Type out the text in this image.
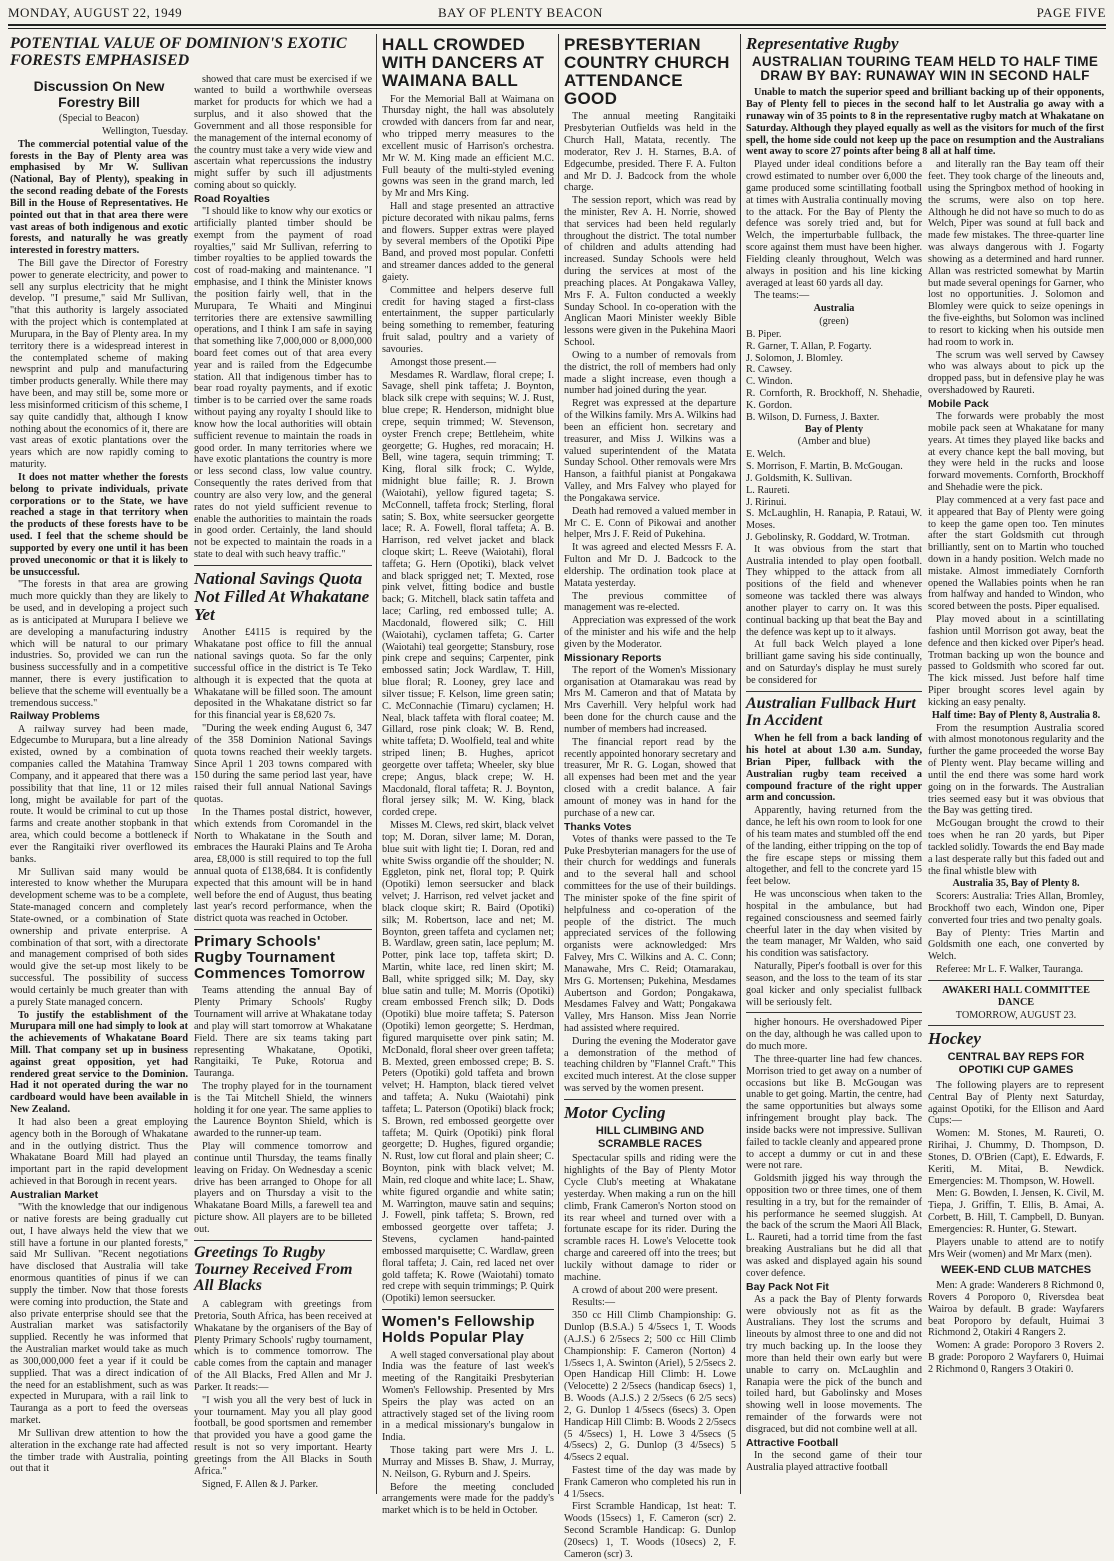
MONDAY, AUGUST 22, 1949	BAY OF PLENTY BEACON	PAGE FIVE
POTENTIAL VALUE OF DOMINION'S EXOTIC FORESTS EMPHASISED
Discussion On New Forestry Bill

(Special to Beacon)

Wellington, Tuesday.

The commercial potential value of the forests in the Bay of Plenty area was emphasised by Mr W. Sullivan (National, Bay of Plenty), speaking in the second reading debate of the Forests Bill in the House of Representatives. He pointed out that in that area there were vast areas of both indigenous and exotic forests, and naturally he was greatly interested in forestry matters.

The Bill gave the Director of Forestry power to generate electricity, and power to sell any surplus electricity that he might develop. "I presume," said Mr Sullivan, "that this authority is largely associated with the project which is contemplated at Murupara, in the Bay of Plenty area. In my territory there is a widespread interest in the contemplated scheme of making newsprint and pulp and manufacturing timber products generally. While there may have been, and may still be, some more or less misinformed criticism of this scheme, I say quite candidly that, although I know nothing about the economics of it, there are vast areas of exotic plantations over the years which are now rapidly coming to maturity.

It does not matter whether the forests belong to private individuals, private corporations or to the State, we have reached a stage in that territory when the products of these forests have to be used. I feel that the scheme should be supported by every one until it has been proved uneconomic or that it is likely to be unsuccessful.

"The forests in that area are growing much more quickly than they are likely to be used, and in developing a project such as is anticipated at Murupara I believe we are developing a manufacturing industry which will be natural to our primary industries. So, provided we can run the business successfully and in a competitive manner, there is every justification to believe that the scheme will eventually be a tremendous success."

Railway Problems

A railway survey had been made, Edgecumbe to Murupara, but a line already existed, owned by a combination of companies called the Matahina Tramway Company, and it appeared that there was a possibility that that line, 11 or 12 miles long, might be available for part of the route. It would be criminal to cut up those farms and create another stopbank in that area, which could become a bottleneck if ever the Rangitaiki river overflowed its banks.

Mr Sullivan said many would be interested to know whether the Murupara development scheme was to be a complete, State-managed concern and completely State-owned, or a combination of State ownership and private enterprise. A combination of that sort, with a directorate and management comprised of both sides would give the set-up most likely to be successful. The possibility of success would certainly be much greater than with a purely State managed concern.

To justify the establishment of the Murupara mill one had simply to look at the achievements of Whakatane Board Mill. That company set up in business against great opposition, yet had rendered great service to the Dominion. Had it not operated during the war no cardboard would have been available in New Zealand.

It had also been a great employing agency both in the Borough of Whakatane and in the outlying district. Thus the Whakatane Board Mill had played an important part in the rapid development achieved in that Borough in recent years.

Australian Market

"With the knowledge that our indigenous or native forests are being gradually cut out, I have always held the view that we still have a fortune in our planted forests," said Mr Sullivan. "Recent negotiations have disclosed that Australia will take enormous quantities of pinus if we can supply the timber. Now that those forests were coming into production, the State and also private enterprise should see that the Australian market was satisfactorily supplied. Recently he was informed that the Australian market would take as much as 300,000,000 feet a year if it could be supplied. That was a direct indication of the need for an establishment, such as was expected in Murupara, with a rail link to Tauranga as a port to feed the overseas market.

Mr Sullivan drew attention to how the alteration in the exchange rate had affected the timber trade with Australia, pointing out that it

showed that care must be exercised if we wanted to build a worthwhile overseas market for products for which we had a surplus, and it also showed that the Government and all those responsible for the management of the internal economy of the country must take a very wide view and ascertain what repercussions the industry might suffer by such ill adjustments coming about so quickly.

Road Royalties

"I should like to know why our exotics or artificially planted timber should be exempt from the payment of road royalties," said Mr Sullivan, referring to timber royalties to be applied towards the cost of road-making and maintenance. "I emphasise, and I think the Minister knows the position fairly well, that in the Murupara, Te Whaiti and Minginui territories there are extensive sawmilling operations, and I think I am safe in saying that something like 7,000,000 or 8,000,000 board feet comes out of that area every year and is railed from the Edgecumbe station. All that indigenous timber has to bear road royalty payments, and if exotic timber is to be carried over the same roads without paying any royalty I should like to know how the local authorities will obtain sufficient revenue to maintain the roads in good order. In many territories where we have exotic plantations the country is more or less second class, low value country. Consequently the rates derived from that country are also very low, and the general rates do not yield sufficient revenue to enable the authorities to maintain the roads in good order. Certainly, the land should not be expected to maintain the roads in a state to deal with such heavy traffic."

National Savings Quota Not Filled At Whakatane Yet

Another £4115 is required by the Whakatane post office to fill the annual national savings quota. So far the only successful office in the district is Te Teko although it is expected that the quota at Whakatane will be filled soon. The amount deposited in the Whakatane district so far for this financial year is £8,620 7s.

"During the week ending August 6, 347 of the 358 Dominion National Savings quota towns reached their weekly targets. Since April 1 203 towns compared with 150 during the same period last year, have raised their full annual National Savings quotas.

In the Thames postal district, however, which extends from Coromandel in the North to Whakatane in the South and embraces the Hauraki Plains and Te Aroha area, £8,000 is still required to top the full annual quota of £138,684. It is confidently expected that this amount will be in hand well before the end of August, thus beating last year's record performance, when the district quota was reached in October.

Primary Schools' Rugby Tournament Commences Tomorrow

Teams attending the annual Bay of Plenty Primary Schools' Rugby Tournament will arrive at Whakatane today and play will start tomorrow at Whakatane Field. There are six teams taking part representing Whakatane, Opotiki, Rangitaiki, Te Puke, Rotorua and Tauranga.

The trophy played for in the tournament is the Tai Mitchell Shield, the winners holding it for one year. The same applies to the Laurence Boynton Shield, which is awarded to the runner-up team.

Play will commence tomorrow and continue until Thursday, the teams finally leaving on Friday. On Wednesday a scenic drive has been arranged to Ohope for all players and on Thursday a visit to the Whakatane Board Mills, a farewell tea and picture show. All players are to be billeted out.

Greetings To Rugby Tourney Received From All Blacks

A cablegram with greetings from Pretoria, South Africa, has been received at Whakatane by the organisers of the Bay of Plenty Primary Schools' rugby tournament, which is to commence tomorrow. The cable comes from the captain and manager of the All Blacks, Fred Allen and Mr J. Parker. It reads:—

"I wish you all the very best of luck in your tournament. May you all play good football, be good sportsmen and remember that provided you have a good game the result is not so very important. Hearty greetings from the All Blacks in South Africa."

Signed, F. Allen & J. Parker.

HALL CROWDED WITH DANCERS AT WAIMANA BALL

For the Memorial Ball at Waimana on Thursday night, the hall was absolutely crowded with dancers from far and near, who tripped merry measures to the excellent music of Harrison's orchestra. Mr W. M. King made an efficient M.C. Full beauty of the multi-styled evening gowns was seen in the grand march, led by Mr and Mrs King.

Hall and stage presented an attractive picture decorated with nikau palms, ferns and flowers. Supper extras were played by several members of the Opotiki Pipe Band, and proved most popular. Confetti and streamer dances added to the general gaiety.

Committee and helpers deserve full credit for having staged a first-class entertainment, the supper particularly being something to remember, featuring fruit salad, poultry and a variety of savouries.

Amongst those present.—

Mesdames R. Wardlaw, floral crepe; I. Savage, shell pink taffeta; J. Boynton, black silk crepe with sequins; W. J. Rust, blue crepe; R. Henderson, midnight blue crepe, sequin trimmed; W. Stevenson, oyster French crepe; Bettleheim, white georgette; G. Hughes, red moracain; H. Bell, wine tagera, sequin trimming; T. King, floral silk frock; C. Wylde, midnight blue faille; R. J. Brown (Waiotahi), yellow figured tageta; S. McConnell, taffeta frock; Sterling, floral satin; S. Box, white seersucker georgette lace; R. A. Fowell, floral taffeta; A. B. Harrison, red velvet jacket and black cloque skirt; L. Reeve (Waiotahi), floral taffeta; G. Hern (Opotiki), black velvet and black sprigged net; T. Mexted, rose pink velvet, fitting bodice and bustle back; G. Mitchell, black satin taffeta and lace; Carling, red embossed tulle; A. Macdonald, flowered silk; C. Hill (Waiotahi), cyclamen taffeta; G. Carter (Waiotahi) teal georgette; Stansbury, rose pink crepe and sequins; Carpenter, pink embossed satin; Jock Wardlaw, T. Hill, blue floral; R. Looney, grey lace and silver tissue; F. Kelson, lime green satin; C. McConnachie (Timaru) cyclamen; H. Neal, black taffeta with floral coatee; M. Gillard, rose pink cloak; W. B. Rend, white taffeta; D. Woolfield, teal and white striped linen; B. Hughes, apricot georgette over taffeta; Wheeler, sky blue crepe; Angus, black crepe; W. H. Macdonald, floral taffeta; R. J. Boynton, floral jersey silk; M. W. King, black corded crepe.

Misses M. Clews, red skirt, black velvet top; M. Doran, silver lame; M. Doran, blue suit with light tie; I. Doran, red and white Swiss organdie off the shoulder; N. Eggleton, pink net, floral top; P. Quirk (Opotiki) lemon seersucker and black velvet; J. Harrison, red velvet jacket and black cloque skirt; R. Baird (Opotiki) silk; M. Robertson, lace and net; M. Boynton, green taffeta and cyclamen net; B. Wardlaw, green satin, lace peplum; M. Potter, pink lace top, taffeta skirt; D. Martin, white lace, red linen skirt; M. Ball, white sprigged silk; M. Day, sky blue satin and tulle; M. Morris (Opotiki) cream embossed French silk; D. Dods (Opotiki) blue moire taffeta; S. Paterson (Opotiki) lemon georgette; S. Herdman, figured marquisette over pink satin; M. McDonald, floral sheer over green taffeta; B. Mexted, green embossed crepe; B. S. Peters (Opotiki) gold taffeta and brown velvet; H. Hampton, black tiered velvet and taffeta; A. Nuku (Waiotahi) pink taffeta; L. Paterson (Opotiki) black frock; S. Brown, red embossed georgette over taffeta; M. Quirk (Opotiki) pink floral georgette; D. Hughes, figured organdie; N. Rust, low cut floral and plain sheer; C. Boynton, pink with black velvet; M. Main, red cloque and white lace; L. Shaw, white figured organdie and white satin; M. Warrington, mauve satin and sequins; J. Fowell, pink taffeta; S. Brown, red embossed georgette over taffeta; J. Stevens, cyclamen hand-painted embossed marquisette; C. Wardlaw, green floral taffeta; J. Cain, red laced net over gold taffeta; K. Rowe (Waiotahi) tomato red crepe with sequin trimmings; P. Quirk (Opotiki) lemon seersucker.

Women's Fellowship Holds Popular Play

A well staged conversational play about India was the feature of last week's meeting of the Rangitaiki Presbyterian Women's Fellowship. Presented by Mrs Speirs the play was acted on an attractively staged set of the living room in a medical missionary's bungalow in India.

Those taking part were Mrs J. L. Murray and Misses B. Shaw, J. Murray, N. Neilson, G. Ryburn and J. Speirs.

Before the meeting concluded arrangements were made for the paddy's market which is to be held in October.

PRESBYTERIAN COUNTRY CHURCH ATTENDANCE GOOD

The annual meeting Rangitaiki Presbyterian Outfields was held in the Church Hall, Matata, recently. The moderator, Rev J. H. Starnes, B.A. of Edgecumbe, presided. There F. A. Fulton and Mr D. J. Badcock from the whole charge.

The session report, which was read by the minister, Rev A. H. Norrie, showed that services had been held regularly throughout the district. The total number of children and adults attending had increased. Sunday Schools were held during the services at most of the preaching places. At Pongakawa Valley, Mrs F. A. Fulton conducted a weekly Sunday School. In co-operation with the Anglican Maori Minister weekly Bible lessons were given in the Pukehina Maori School.

Owing to a number of removals from the district, the roll of members had only made a slight increase, even though a number had joined during the year.

Regret was expressed at the departure of the Wilkins family. Mrs A. Wilkins had been an efficient hon. secretary and treasurer, and Miss J. Wilkins was a valued superintendent of the Matata Sunday School. Other removals were Mrs Hanson, a faithful pianist at Pongakawa Valley, and Mrs Falvey who played for the Pongakawa service.

Death had removed a valued member in Mr C. E. Conn of Pikowai and another helper, Mrs J. F. Reid of Pukehina.

It was agreed and elected Messrs F. A. Fulton and Mr D. J. Badcock to the eldership. The ordination took place at Matata yesterday.

The previous committee of management was re-elected.

Appreciation was expressed of the work of the minister and his wife and the help given by the Moderator.

Missionary Reports

The report of the Women's Missionary organisation at Otamarakau was read by Mrs M. Cameron and that of Matata by Mrs Caverhill. Very helpful work had been done for the church cause and the number of members had increased.

The financial report read by the recently appointed honorary secretary and treasurer, Mr R. G. Logan, showed that all expenses had been met and the year closed with a credit balance. A fair amount of money was in hand for the purchase of a new car.

Thanks Votes

Votes of thanks were passed to the Te Puke Presbyterian managers for the use of their church for weddings and funerals and to the several hall and school committees for the use of their buildings. The minister spoke of the fine spirit of helpfulness and co-operation of the people of the district. The much appreciated services of the following organists were acknowledged: Mrs Falvey, Mrs C. Wilkins and A. C. Conn; Manawahe, Mrs C. Reid; Otamarakau, Mrs G. Mortensen; Pukehina, Mesdames Aubertson and Gordon; Pongakawa, Mesdames Falvey and Watt; Pongakawa Valley, Mrs Hanson. Miss Jean Norrie had assisted where required.

During the evening the Moderator gave a demonstration of the method of teaching children by "Flannel Craft." This excited much interest. At the close supper was served by the women present.

Motor Cycling
HILL CLIMBING AND SCRAMBLE RACES

Spectacular spills and riding were the highlights of the Bay of Plenty Motor Cycle Club's meeting at Whakatane yesterday. When making a run on the hill climb, Frank Cameron's Norton stood on its rear wheel and turned over with a fortunate escape for its rider. During the scramble races H. Lowe's Velocette took charge and careered off into the trees; but luckily without damage to rider or machine.

A crowd of about 200 were present.

Results:—

350 cc Hill Climb Championship: G. Dunlop (B.S.A.) 5 4/5secs 1, T. Woods (A.J.S.) 6 2/5secs 2; 500 cc Hill Climb Championship: F. Cameron (Norton) 4 1/5secs 1, A. Swinton (Ariel), 5 2/5secs 2. Open Handicap Hill Climb: H. Lowe (Velocette) 2 2/5secs (handicap 6secs) 1, B. Woods (A.J.S.) 2 2/5secs (6 2/5 secs) 2, G. Dunlop 1 4/5secs (6secs) 3. Open Handicap Hill Climb: B. Woods 2 2/5secs (5 4/5secs) 1, H. Lowe 3 4/5secs (5 4/5secs) 2, G. Dunlop (3 4/5secs) 5 4/5secs 2 equal.

Fastest time of the day was made by Frank Cameron who completed his run in 4 1/5secs.

First Scramble Handicap, 1st heat: T. Woods (15secs) 1, F. Cameron (scr) 2. Second Scramble Handicap: G. Dunlop (20secs) 1, T. Woods (10secs) 2, F. Cameron (scr) 3.

Representative Rugby
AUSTRALIAN TOURING TEAM HELD TO HALF TIME DRAW BY BAY: RUNAWAY WIN IN SECOND HALF

Unable to match the superior speed and brilliant backing up of their opponents, Bay of Plenty fell to pieces in the second half to let Australia go away with a runaway win of 35 points to 8 in the representative rugby match at Whakatane on Saturday. Although they played equally as well as the visitors for much of the first spell, the home side could not keep up the pace on resumption and the Australians went away to score 27 points after being 8 all at half time.

Played under ideal conditions before a crowd estimated to number over 6,000 the game produced some scintillating football at times with Australia continually moving to the attack. For the Bay of Plenty the defence was sorely tried and, but for Welch, the imperturbable fullback, the score against them must have been higher. Fielding cleanly throughout, Welch was always in position and his line kicking averaged at least 60 yards all day.

The teams:—

Australia

(green)

B. Piper.

R. Garner, T. Allan, P. Fogarty.

J. Solomon, J. Blomley.

R. Cawsey.

C. Windon.

R. Cornforth, R. Brockhoff, N. Shehadie, K. Gordon.

B. Wilson, D. Furness, J. Baxter.

Bay of Plenty

(Amber and blue)

E. Welch.

S. Morrison, F. Martin, B. McGougan.

J. Goldsmith, K. Sullivan.

L. Raureti.

J. Ririnui.

S. McLaughlin, H. Ranapia, P. Rataui, W. Moses.

J. Gebolinsky, R. Goddard, W. Trotman.

It was obvious from the start that Australia intended to play open football. They whipped to the attack from all positions of the field and whenever someone was tackled there was always another player to carry on. It was this continual backing up that beat the Bay and the defence was kept up to it always.

At full back Welch played a lone brilliant game saving his side continually, and on Saturday's display he must surely be considered for

Australian Fullback Hurt In Accident

When he fell from a back landing of his hotel at about 1.30 a.m. Sunday, Brian Piper, fullback with the Australian rugby team received a compound fracture of the right upper arm and concussion.

Apparently, having returned from the dance, he left his own room to look for one of his team mates and stumbled off the end of the landing, either tripping on the top of the fire escape steps or missing them altogether, and fell to the concrete yard 15 feet below.

He was unconscious when taken to the hospital in the ambulance, but had regained consciousness and seemed fairly cheerful later in the day when visited by the team manager, Mr Walden, who said his condition was satisfactory.

Naturally, Piper's football is over for this season, and the loss to the team of its star goal kicker and only specialist fullback will be seriously felt.

higher honours. He overshadowed Piper on the day, although he was called upon to do much more.

The three-quarter line had few chances. Morrison tried to get away on a number of occasions but like B. McGougan was unable to get going. Martin, the centre, had the same opportunities but always some infringement brought play back. The inside backs were not impressive. Sullivan failed to tackle cleanly and appeared prone to accept a dummy or cut in and these were not rare.

Goldsmith jigged his way through the opposition two or three times, one of them resulting in a try, but for the remainder of his performance he seemed sluggish. At the back of the scrum the Maori All Black, L. Raureti, had a torrid time from the fast breaking Australians but he did all that was asked and displayed again his sound cover defence.

Bay Pack Not Fit

As a pack the Bay of Plenty forwards were obviously not as fit as the Australians. They lost the scrums and lineouts by almost three to one and did not try much backing up. In the loose they more than held their own early but were unable to carry on. McLaughlin and Ranapia were the pick of the bunch and toiled hard, but Gabolinsky and Moses showing well in loose movements. The remainder of the forwards were not disgraced, but did not combine well at all.

Attractive Football

In the second game of their tour Australia played attractive football

and literally ran the Bay team off their feet. They took charge of the lineouts and, using the Springbox method of hooking in the scrums, were also on top here. Although he did not have so much to do as Welch, Piper was sound at full back and made few mistakes. The three-quarter line was always dangerous with J. Fogarty showing as a determined and hard runner. Allan was restricted somewhat by Martin but made several openings for Garner, who lost no opportunities. J. Solomon and Blomley were quick to seize openings in the five-eighths, but Solomon was inclined to resort to kicking when his outside men had room to work in.

The scrum was well served by Cawsey who was always about to pick up the dropped pass, but in defensive play he was overshadowed by Raureti.

Mobile Pack

The forwards were probably the most mobile pack seen at Whakatane for many years. At times they played like backs and at every chance kept the ball moving, but they were held in the rucks and loose forward movements. Cornforth, Brockhoff and Shehadie were the pick.

Play commenced at a very fast pace and it appeared that Bay of Plenty were going to keep the game open too. Ten minutes after the start Goldsmith cut through brilliantly, sent on to Martin who touched down in a handy position. Welch made no mistake. Almost immediately Cornforth opened the Wallabies points when he ran from halfway and handed to Windon, who scored between the posts. Piper equalised.

Play moved about in a scintillating fashion until Morrison got away, beat the defence and then kicked over Piper's head. Trotman backing up won the bounce and passed to Goldsmith who scored far out. The kick missed. Just before half time Piper brought scores level again by kicking an easy penalty.

Half time: Bay of Plenty 8, Australia 8.

From the resumption Australia scored with almost monotonous regularity and the further the game proceeded the worse Bay of Plenty went. Play became willing and until the end there was some hard work going on in the forwards. The Australian tries seemed easy but it was obvious that the Bay was getting tired.

McGougan brought the crowd to their toes when he ran 20 yards, but Piper tackled solidly. Towards the end Bay made a last desperate rally but this faded out and the final whistle blew with

Australia 35, Bay of Plenty 8.

Scorers: Australia: Tries Allan, Bromley, Brockhoff two each, Windon one, Piper converted four tries and two penalty goals.

Bay of Plenty: Tries Martin and Goldsmith one each, one converted by Welch.

Referee: Mr L. F. Walker, Tauranga.

AWAKERI HALL COMMITTEE DANCE

TOMORROW, AUGUST 23.

Hockey
CENTRAL BAY REPS FOR OPOTIKI CUP GAMES

The following players are to represent Central Bay of Plenty next Saturday, against Opotiki, for the Ellison and Aard Cups:—

Women: M. Stones, M. Raureti, O. Ririhai, J. Chummy, D. Thompson, D. Stones, D. O'Brien (Capt), E. Edwards, F. Keriti, M. Mitai, B. Newdick. Emergencies: M. Thompson, W. Howell.

Men: G. Bowden, I. Jensen, K. Civil, M. Tiepa, J. Griffin, T. Ellis, B. Amai, A. Corbett, B. Hill, T. Campbell, D. Bunyan. Emergencies: R. Hunter, G. Stewart.

Players unable to attend are to notify Mrs Weir (women) and Mr Marx (men).

WEEK-END CLUB MATCHES

Men: A grade: Wanderers 8 Richmond 0, Rovers 4 Poroporo 0, Riversdea beat Wairoa by default. B grade: Wayfarers beat Poroporo by default, Huimai 3 Richmond 2, Otakiri 4 Rangers 2.

Women: A grade: Poroporo 3 Rovers 2. B grade: Poroporo 2 Wayfarers 0, Huimai 2 Richmond 0, Rangers 3 Otakiri 0.
